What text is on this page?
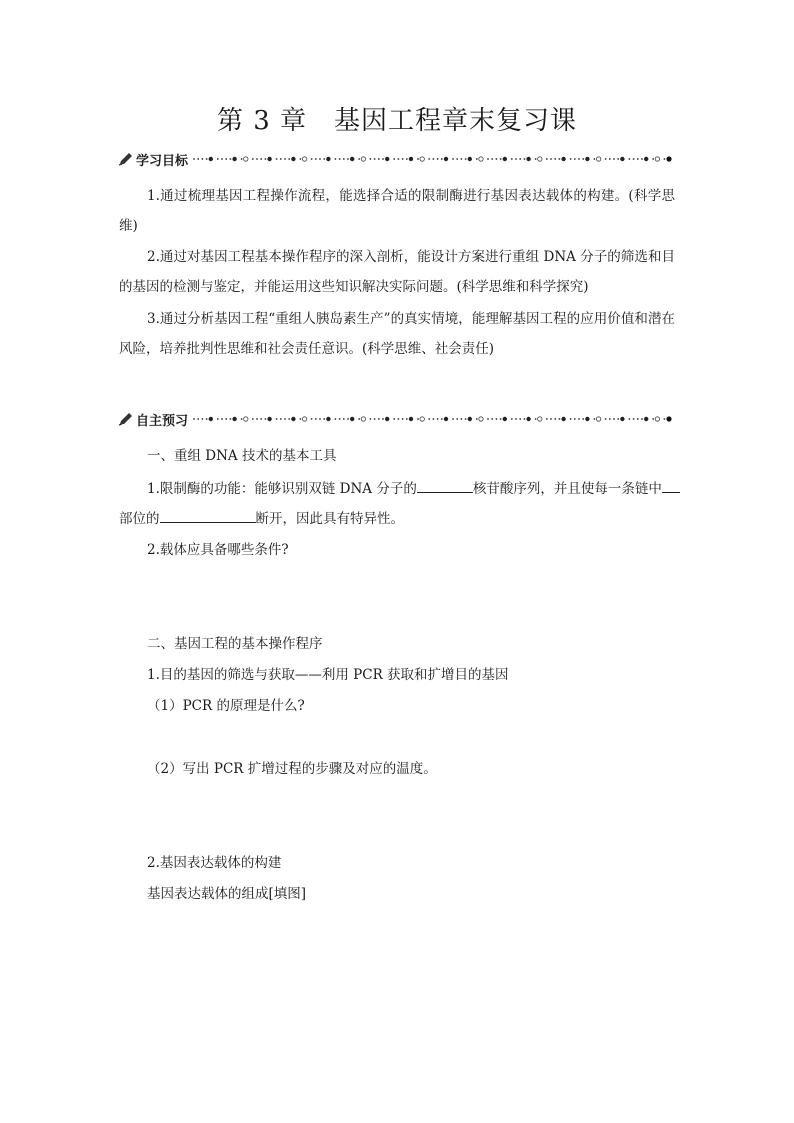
第 3 章　基因工程章末复习课
学习目标

1.通过梳理基因工程操作流程，能选择合适的限制酶进行基因表达载体的构建。(科学思维)

2.通过对基因工程基本操作程序的深入剖析，能设计方案进行重组 DNA 分子的筛选和目的基因的检测与鉴定，并能运用这些知识解决实际问题。(科学思维和科学探究)

3.通过分析基因工程“重组人胰岛素生产”的真实情境，能理解基因工程的应用价值和潜在风险，培养批判性思维和社会责任意识。(科学思维、社会责任)

自主预习

一、重组 DNA 技术的基本工具

1.限制酶的功能：能够识别双链 DNA 分子的	核苷酸序列，并且使每一条链中

部位的	断开，因此具有特异性。

2.载体应具备哪些条件?

二、基因工程的基本操作程序

1.目的基因的筛选与获取——利用 PCR 获取和扩增目的基因

（1）PCR 的原理是什么?

（2）写出 PCR 扩增过程的步骤及对应的温度。

2.基因表达载体的构建

基因表达载体的组成[填图]
